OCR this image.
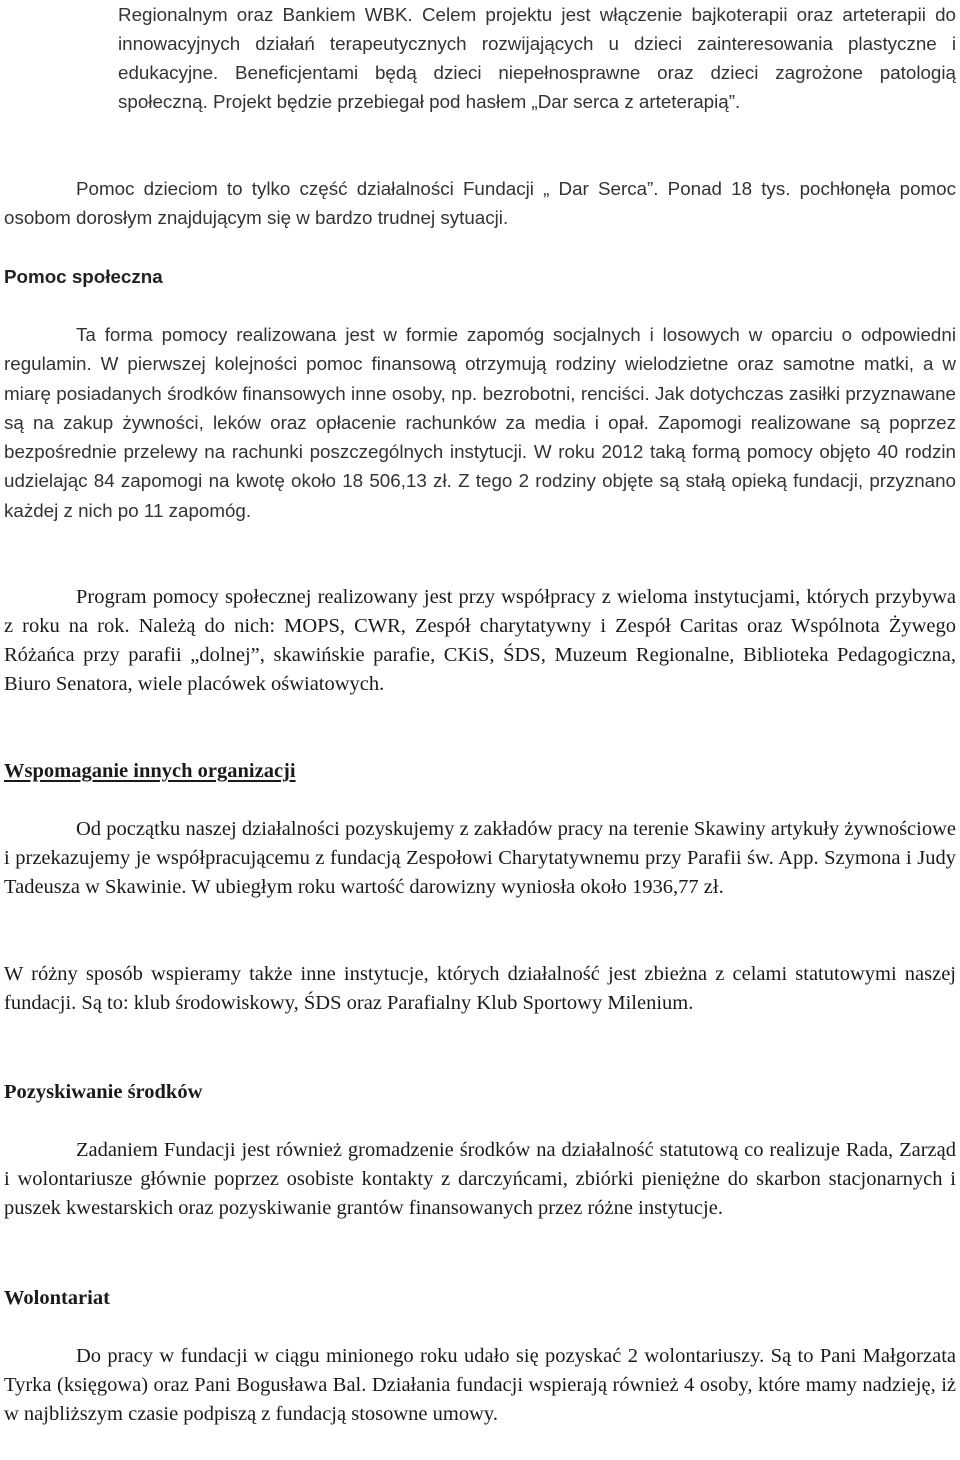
Regionalnym oraz Bankiem WBK. Celem projektu jest włączenie bajkoterapii oraz arteterapii do innowacyjnych działań terapeutycznych rozwijających u dzieci zainteresowania plastyczne i edukacyjne. Beneficjentami będą dzieci niepełnosprawne oraz dzieci zagrożone patologią społeczną. Projekt będzie przebiegał pod hasłem „Dar serca z arteterapią”.

Pomoc dzieciom to tylko część działalności Fundacji „ Dar Serca”. Ponad 18 tys. pochłonęła pomoc osobom dorosłym znajdującym się w bardzo trudnej sytuacji.

Pomoc społeczna

Ta forma pomocy realizowana jest w formie zapomóg socjalnych i losowych w oparciu o odpowiedni regulamin. W pierwszej kolejności pomoc finansową otrzymują rodziny wielodzietne oraz samotne matki, a w miarę posiadanych środków finansowych inne osoby, np. bezrobotni, renciści. Jak dotychczas zasiłki przyznawane są na zakup żywności, leków oraz opłacenie rachunków za media i opał. Zapomogi realizowane są poprzez bezpośrednie przelewy na rachunki poszczególnych instytucji. W roku 2012 taką formą pomocy objęto 40 rodzin udzielając 84 zapomogi na kwotę około 18 506,13 zł. Z tego 2 rodziny objęte są stałą opieką fundacji, przyznano każdej z nich po 11 zapomóg.

Program pomocy społecznej realizowany jest przy współpracy z wieloma instytucjami, których przybywa z roku na rok. Należą do nich: MOPS, CWR, Zespół charytatywny i Zespół Caritas oraz Wspólnota Żywego Różańca przy parafii „dolnej”, skawińskie parafie, CKiS, ŚDS, Muzeum Regionalne, Biblioteka Pedagogiczna, Biuro Senatora, wiele placówek oświatowych.

Wspomaganie innych organizacji

Od początku naszej działalności pozyskujemy z zakładów pracy na terenie Skawiny artykuły żywnościowe i przekazujemy je współpracującemu z fundacją Zespołowi Charytatywnemu przy Parafii św. App. Szymona i Judy Tadeusza w Skawinie. W ubiegłym roku wartość darowizny wyniosła około 1936,77 zł.

W różny sposób wspieramy także inne instytucje, których działalność jest zbieżna z celami statutowymi naszej fundacji. Są to: klub środowiskowy, ŚDS oraz Parafialny Klub Sportowy Milenium.

Pozyskiwanie środków

Zadaniem Fundacji jest również gromadzenie środków na działalność statutową co realizuje Rada, Zarząd i wolontariusze głównie poprzez osobiste kontakty z darczyńcami, zbiórki pieniężne do skarbon stacjonarnych i puszek kwestarskich oraz pozyskiwanie grantów finansowanych przez różne instytucje.

Wolontariat

Do pracy w fundacji w ciągu minionego roku udało się pozyskać 2 wolontariuszy. Są to Pani Małgorzata Tyrka (księgowa) oraz Pani Bogusława Bal. Działania fundacji wspierają również 4 osoby, które mamy nadzieję, iż w najbliższym czasie podpiszą z fundacją stosowne umowy.
